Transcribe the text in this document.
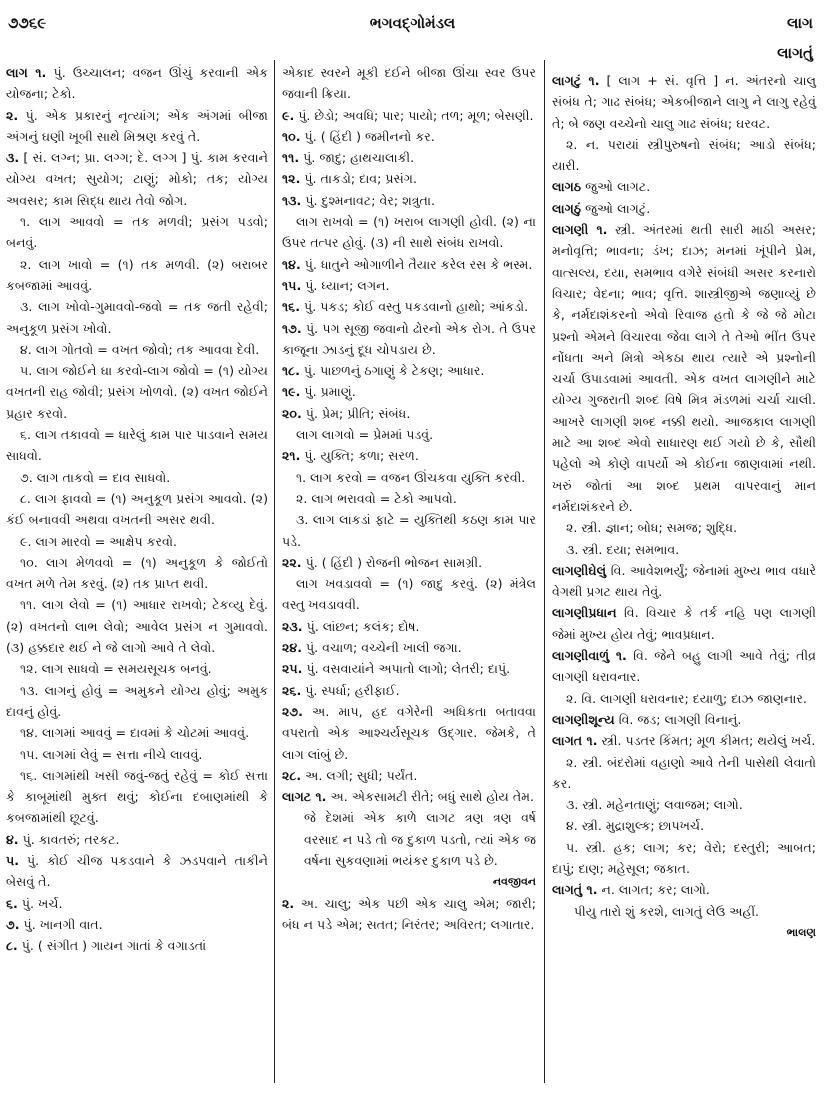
૭૭૬૯	ભગવદ્ગોમંડલ	લાગ
લાગતું

લાગ ૧. પું. ઉચ્ચાલન; વજન ઊંચું કરવાની એક યોજના; ટેકો.

૨. પું. એક પ્રકારનું નૃત્યાંગ; એક અંગમાં બીજા અંગનું ઘણી ખૂબી સાથે મિશ્રણ કરવું તે.

૩. [ સં. લગ્ન; પ્રા. લગ્ગ; દે. લગ્ગ ] પું. કામ કરવાને યોગ્ય વખત; સુયોગ; ટાણું; મોકો; તક; યોગ્ય અવસર; કામ સિદ્ધ થાય તેવો જોગ.

૧. લાગ આવવો = તક મળવી; પ્રસંગ પડવો; બનવું.

૨. લાગ ખાવો = (૧) તક મળવી. (૨) બરાબર કબજામાં આવવું.

૩. લાગ ખોવો-ગુમાવવો-જવો = તક જતી રહેવી; અનુકૂળ પ્રસંગ ખોવો.

૪. લાગ ગોતવો = વખત જોવો; તક આવવા દેવી.

૫. લાગ જોઈને ઘા કરવો-લાગ જોવો = (૧) યોગ્ય વખતની રાહ જોવી; પ્રસંગ ખોળવો. (૨) વખત જોઈને પ્રહાર કરવો.

૬. લાગ તકાવવો = ધારેલું કામ પાર પાડવાને સમય સાધવો.

૭. લાગ તાકવો = દાવ સાધવો.

૮. લાગ ફાવવો = (૧) અનુકૂળ પ્રસંગ આવવો. (૨) કંઈ બનાવવી અથવા વખતની અસર થવી.

૯. લાગ મારવો = આક્ષેપ કરવો.

૧૦. લાગ મેળવવો = (૧) અનુકૂળ કે જોઈતો વખત મળે તેમ કરવું. (૨) તક પ્રાપ્ત થવી.

૧૧. લાગ લેવો = (૧) આધાર રાખવો; ટેકવ્યુ દેવું. (૨) વખતનો લાભ લેવો; આવેલ પ્રસંગ ન ગુમાવવો. (૩) હક્કદાર થઈ ને જે લાગો આવે તે લેવો.

૧૨. લાગ સાધવો = સમયસૂચક બનવું.

૧૩. લાગનું હોવું = અમુકને યોગ્ય હોવું; અમુક દાવનું હોવું.

૧૪. લાગમાં આવવું = દાવમાં કે ચોટમાં આવવું.

૧૫. લાગમાં લેવું = સત્તા નીચે લાવવું.

૧૬. લાગમાંથી ખસી જવું-જતું રહેવું = કોઈ સત્તા કે કાબૂમાંથી મુક્ત થવું; કોઈના દબાણમાંથી કે કબજામાંથી છૂટવું.

૪. પું. કાવતરું; તરકટ.

૫. પું. કોઈ ચીજ પકડવાને કે ઝડપવાને તાકીને બેસવું તે.

૬. પું. ખર્ચ.

૭. પું. ખાનગી વાત.

૮. પું. ( સંગીત ) ગાયન ગાતાં કે વગાડતાં

એકાદ સ્વરને મૂકી દઈને બીજા ઊંચા સ્વર ઉપર જવાની ક્રિયા.

૯. પું. છેડો; અવધિ; પાર; પાયો; તળ; મૂળ; બેસણી.

૧૦. પું. ( હિંદી ) જમીનનો કર.

૧૧. પું. જાદુ; હાથચાલાકી.

૧૨. પું. તાકડો; દાવ; પ્રસંગ.

૧૩. પું. દુશ્મનાવટ; વેર; શત્રુતા.

લાગ રાખવો = (૧) ખરાબ લાગણી હોવી. (૨) ના ઉપર તત્પર હોવું. (૩) ની સાથે સંબંધ રાખવો.

૧૪. પું. ધાતુને ઓગાળીને તૈયાર કરેલ રસ કે ભસ્મ.

૧૫. પું. ધ્યાન; લગન.

૧૬. પું. પકડ; કોઈ વસ્તુ પકડવાનો હાથો; આંકડો.

૧૭. પું. પગ સૂજી જવાનો ઢોરનો એક રોગ. તે ઉપર કાજૂના ઝાડનું દૂધ ચોપડાય છે.

૧૮. પું. પાછળનું ઠગાણું કે ટેકણ; આધાર.

૧૯. પું. પ્રમાણું.

૨૦. પું. પ્રેમ; પ્રીતિ; સંબંધ.

લાગ લાગવો = પ્રેમમાં પડવું.

૨૧. પું. યુક્તિ; કળા; સરળ.

૧. લાગ કરવો = વજન ઊંચકવા યુક્તિ કરવી.

૨. લાગ ભરાવવો = ટેકો આપવો.

૩. લાગ લાકડાં ફાટે = યુક્તિથી કઠણ કામ પાર પડે.

૨૨. પું. ( હિંદી ) રોજની ભોજન સામગ્રી.

લાગ ખવડાવવો = (૧) જાદુ કરવું. (૨) મંત્રેલ વસ્તુ ખવડાવવી.

૨૩. પું. લાંછન; કલંક; દોષ.

૨૪. પું. વચાળ; વચ્ચેની ખાલી જગા.

૨૫. પું. વસવાયાંને અપાતો લાગો; લેતરી; દાપું.

૨૬. પું. સ્પર્ધા; હરીફાઈ.

૨૭. અ. માપ, હદ વગેરેની અધિકતા બતાવવા વપરાતો એક આશ્ચર્યસૂચક ઉદ્ગાર. જેમકે, તે લાગ લાંબું છે.

૨૮. અ. લગી; સુધી; પર્યંત.

લાગટ ૧. અ. એકસામટી રીતે; બધું સાથે હોય તેમ.

જે દેશમાં એક કાળે લાગટ ત્રણ ત્રણ વર્ષ વરસાદ ન પડે તો જ દુકાળ પડતો, ત્યાં એક જ વર્ષના સુકવણામાં ભયંકર દુકાળ પડે છે.

નવજીવન

૨. અ. ચાલુ; એક પછી એક ચાલુ એમ; જારી; બંધ ન પડે એમ; સતત; નિરંતર; અવિરત; લગાતાર.

લાગટું ૧. [ લાગ + સં. વૃત્તિ ] ન. અંતરનો ચાલુ સંબંધ તે; ગાઢ સંબંધ; એકબીજાને લાગુ ને લાગુ રહેવું તે; બે જણ વચ્ચેનો ચાલુ ગાઢ સંબંધ; ઘરવટ.

૨. ન. પરાયાં સ્ત્રીપુરુષનો સંબંધ; આડો સંબંધ; યારી.

લાગઠ જુઓ લાગટ.

લાગઠું જુઓ લાગટું.

લાગણી ૧. સ્ત્રી. અંતરમાં થતી સારી માઠી અસર; મનોવૃત્તિ; ભાવના; ડંખ; દાઝ; મનમાં ખૂંપીને પ્રેમ, વાત્સલ્ય, દયા, સમભાવ વગેરે સંબંધી અસર કરનારો વિચાર; વેદના; ભાવ; વૃત્તિ. શાસ્ત્રીજીએ જણાવ્યું છે કે, નર્મદાશંકરનો એવો રિવાજ હતો કે જે જે મોટા પ્રશ્નો એમને વિચારવા જેવા લાગે તે તેઓ ભીંત ઉપર નોંધતા અને મિત્રો એકઠા થાય ત્યારે એ પ્રશ્નોની ચર્ચા ઉપાડવામાં આવતી. એક વખત લાગણીને માટે યોગ્ય ગુજરાતી શબ્દ વિષે મિત્ર મંડળમાં ચર્ચા ચાલી. આખરે લાગણી શબ્દ નક્કી થયો. આજકાલ લાગણી માટે આ શબ્દ એવો સાધારણ થઈ ગયો છે કે, સૌથી પહેલો એ કોણે વાપર્યો એ કોઈના જાણવામાં નથી. ખરું જોતાં આ શબ્દ પ્રથમ વાપરવાનું માન નર્મદાશંકરને છે.

૨. સ્ત્રી. જ્ઞાન; બોધ; સમજ; શુદ્ધિ.

૩. સ્ત્રી. દયા; સમભાવ.

લાગણીઘેલું વિ. આવેશભર્યું; જેનામાં મુખ્ય ભાવ વધારે વેગથી પ્રગટ થાય તેવું.

લાગણીપ્રધાન વિ. વિચાર કે તર્ક નહિ પણ લાગણી જેમાં મુખ્ય હોય તેવું; ભાવપ્રધાન.

લાગણીવાળું ૧. વિ. જેને બહુ લાગી આવે તેવું; તીવ્ર લાગણી ધરાવનાર.

૨. વિ. લાગણી ધરાવનાર; દયાળુ; દાઝ જાણનાર.

લાગણીશૂન્ય વિ. જડ; લાગણી વિનાનું.

લાગત ૧. સ્ત્રી. પડતર કિંમત; મૂળ કીમત; થયેલું ખર્ચ.

૨. સ્ત્રી. બંદરોમાં વહાણો આવે તેની પાસેથી લેવાતો કર.

૩. સ્ત્રી. મહેનતાણું; લવાજમ; લાગો.

૪. સ્ત્રી. મુદ્રાશુલ્ક; છાપખર્ચ.

૫. સ્ત્રી. હક; લાગ; કર; વેરો; દસ્તુરી; આબત; દાપું; દાણ; મહેસૂલ; જકાત.

લાગતું ૧. ન. લાગત; કર; લાગો.

પીયુ તારો શું કરશે, લાગતું લેઉ અહીં.

ભાલણ
